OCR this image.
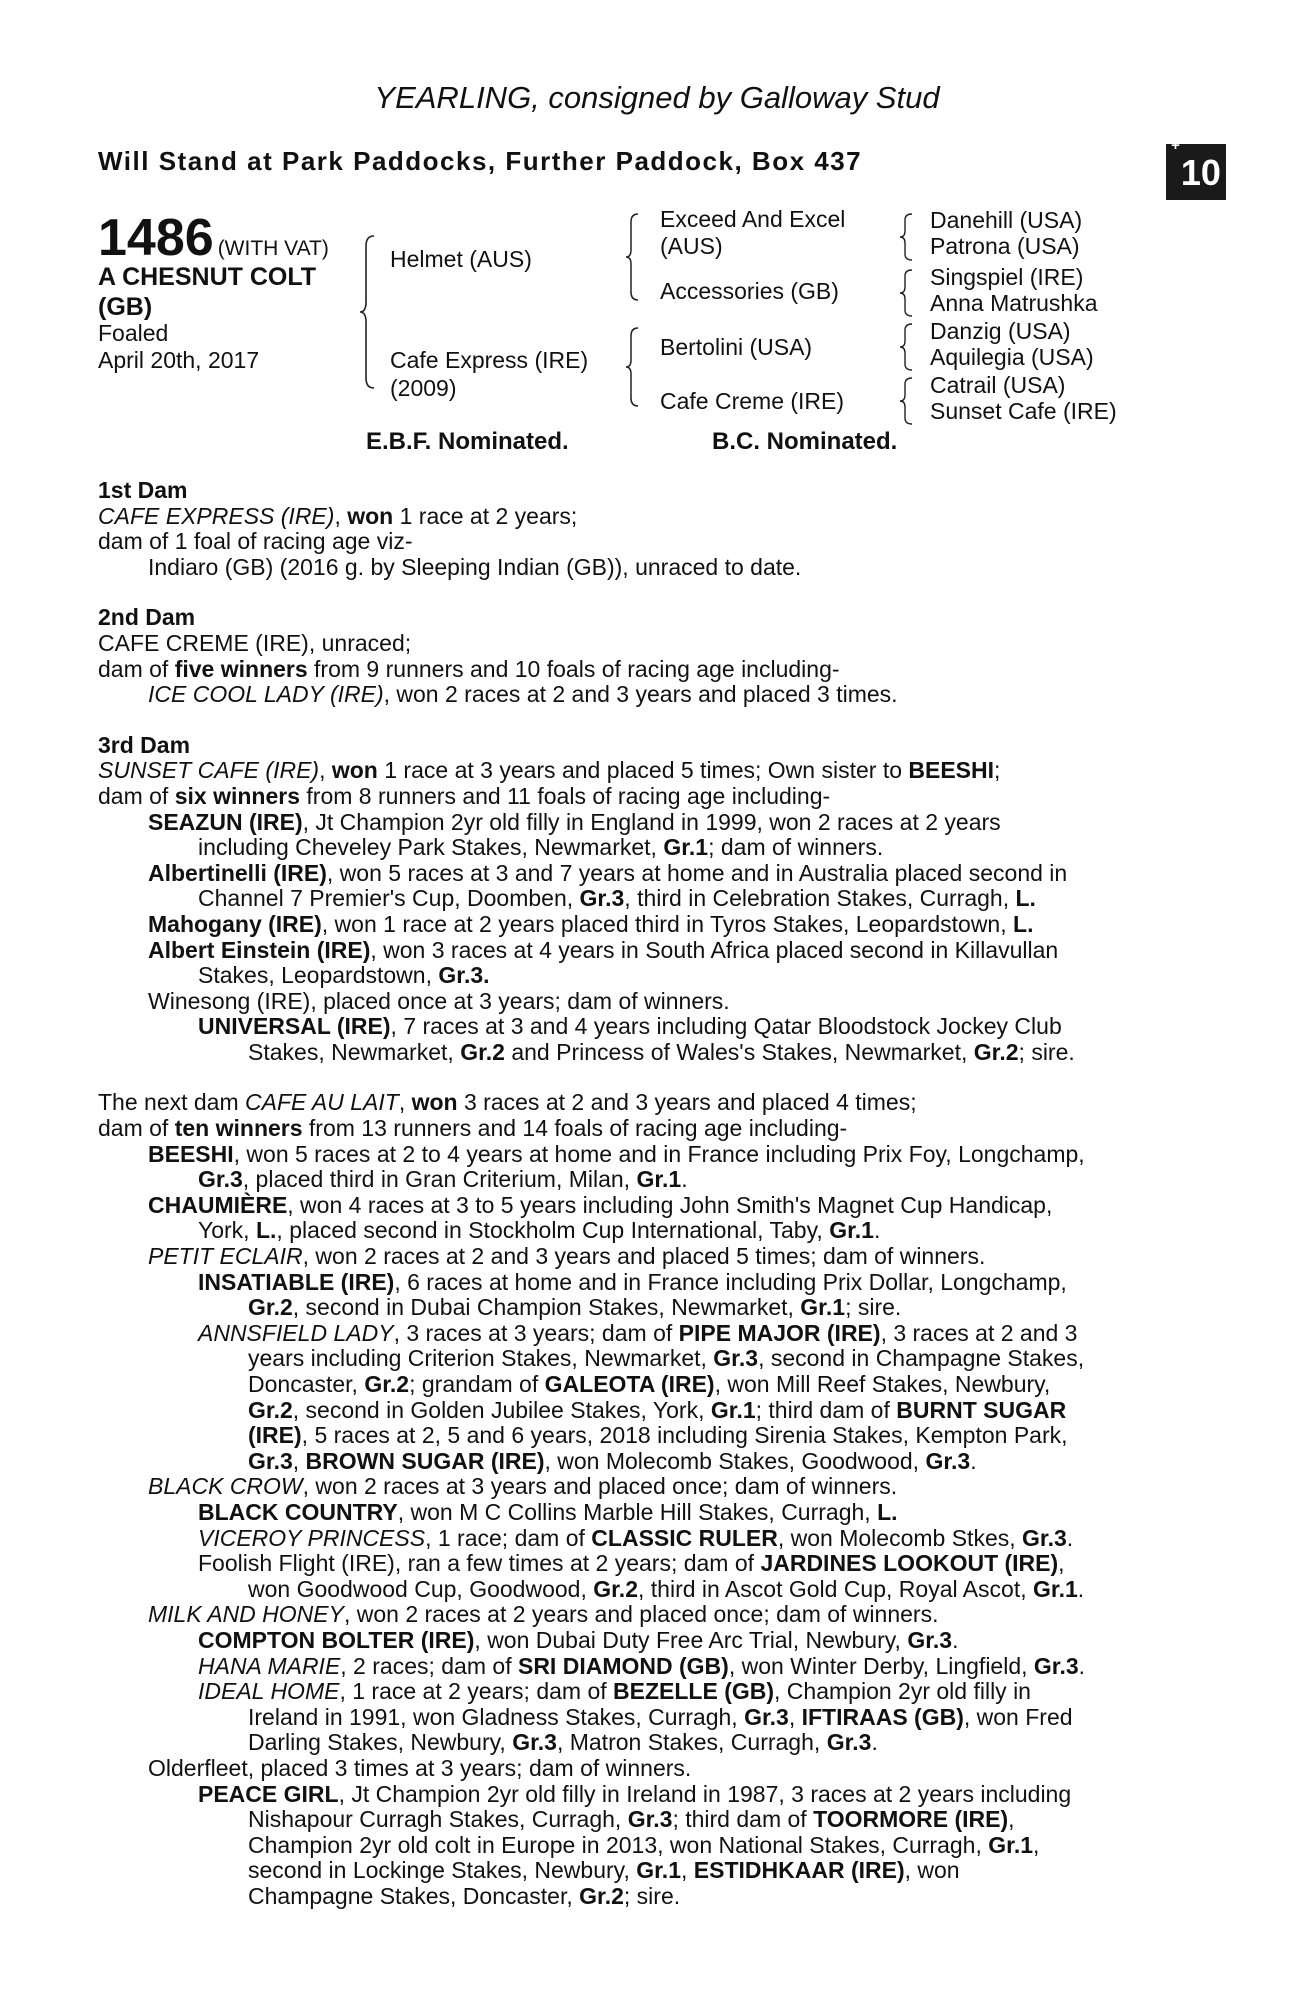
YEARLING, consigned by Galloway Stud
Will Stand at Park Paddocks, Further Paddock, Box 437
+10
1486 (WITH VAT)
A CHESNUT COLT
(GB)
Foaled
April 20th, 2017
Helmet (AUS)
Cafe Express (IRE)
(2009)
Exceed And Excel
(AUS)
Accessories (GB)
Bertolini (USA)
Cafe Creme (IRE)
Danehill (USA)
Patrona (USA)
Singspiel (IRE)
Anna Matrushka
Danzig (USA)
Aquilegia (USA)
Catrail (USA)
Sunset Cafe (IRE)
E.B.F. Nominated.	B.C. Nominated.
1st Dam
CAFE EXPRESS (IRE), won 1 race at 2 years;
dam of 1 foal of racing age viz-
Indiaro (GB) (2016 g. by Sleeping Indian (GB)), unraced to date.
2nd Dam
CAFE CREME (IRE), unraced;
dam of five winners from 9 runners and 10 foals of racing age including-
ICE COOL LADY (IRE), won 2 races at 2 and 3 years and placed 3 times.
3rd Dam
SUNSET CAFE (IRE), won 1 race at 3 years and placed 5 times; Own sister to BEESHI;
dam of six winners from 8 runners and 11 foals of racing age including-
SEAZUN (IRE), Jt Champion 2yr old filly in England in 1999, won 2 races at 2 years
including Cheveley Park Stakes, Newmarket, Gr.1; dam of winners.
Albertinelli (IRE), won 5 races at 3 and 7 years at home and in Australia placed second in
Channel 7 Premier's Cup, Doomben, Gr.3, third in Celebration Stakes, Curragh, L.
Mahogany (IRE), won 1 race at 2 years placed third in Tyros Stakes, Leopardstown, L.
Albert Einstein (IRE), won 3 races at 4 years in South Africa placed second in Killavullan
Stakes, Leopardstown, Gr.3.
Winesong (IRE), placed once at 3 years; dam of winners.
UNIVERSAL (IRE), 7 races at 3 and 4 years including Qatar Bloodstock Jockey Club
Stakes, Newmarket, Gr.2 and Princess of Wales's Stakes, Newmarket, Gr.2; sire.
The next dam CAFE AU LAIT, won 3 races at 2 and 3 years and placed 4 times;
dam of ten winners from 13 runners and 14 foals of racing age including-
BEESHI, won 5 races at 2 to 4 years at home and in France including Prix Foy, Longchamp,
Gr.3, placed third in Gran Criterium, Milan, Gr.1.
CHAUMIÈRE, won 4 races at 3 to 5 years including John Smith's Magnet Cup Handicap,
York, L., placed second in Stockholm Cup International, Taby, Gr.1.
PETIT ECLAIR, won 2 races at 2 and 3 years and placed 5 times; dam of winners.
INSATIABLE (IRE), 6 races at home and in France including Prix Dollar, Longchamp,
Gr.2, second in Dubai Champion Stakes, Newmarket, Gr.1; sire.
ANNSFIELD LADY, 3 races at 3 years; dam of PIPE MAJOR (IRE), 3 races at 2 and 3
years including Criterion Stakes, Newmarket, Gr.3, second in Champagne Stakes,
Doncaster, Gr.2; grandam of GALEOTA (IRE), won Mill Reef Stakes, Newbury,
Gr.2, second in Golden Jubilee Stakes, York, Gr.1; third dam of BURNT SUGAR
(IRE), 5 races at 2, 5 and 6 years, 2018 including Sirenia Stakes, Kempton Park,
Gr.3, BROWN SUGAR (IRE), won Molecomb Stakes, Goodwood, Gr.3.
BLACK CROW, won 2 races at 3 years and placed once; dam of winners.
BLACK COUNTRY, won M C Collins Marble Hill Stakes, Curragh, L.
VICEROY PRINCESS, 1 race; dam of CLASSIC RULER, won Molecomb Stkes, Gr.3.
Foolish Flight (IRE), ran a few times at 2 years; dam of JARDINES LOOKOUT (IRE),
won Goodwood Cup, Goodwood, Gr.2, third in Ascot Gold Cup, Royal Ascot, Gr.1.
MILK AND HONEY, won 2 races at 2 years and placed once; dam of winners.
COMPTON BOLTER (IRE), won Dubai Duty Free Arc Trial, Newbury, Gr.3.
HANA MARIE, 2 races; dam of SRI DIAMOND (GB), won Winter Derby, Lingfield, Gr.3.
IDEAL HOME, 1 race at 2 years; dam of BEZELLE (GB), Champion 2yr old filly in
Ireland in 1991, won Gladness Stakes, Curragh, Gr.3, IFTIRAAS (GB), won Fred
Darling Stakes, Newbury, Gr.3, Matron Stakes, Curragh, Gr.3.
Olderfleet, placed 3 times at 3 years; dam of winners.
PEACE GIRL, Jt Champion 2yr old filly in Ireland in 1987, 3 races at 2 years including
Nishapour Curragh Stakes, Curragh, Gr.3; third dam of TOORMORE (IRE),
Champion 2yr old colt in Europe in 2013, won National Stakes, Curragh, Gr.1,
second in Lockinge Stakes, Newbury, Gr.1, ESTIDHKAAR (IRE), won
Champagne Stakes, Doncaster, Gr.2; sire.
